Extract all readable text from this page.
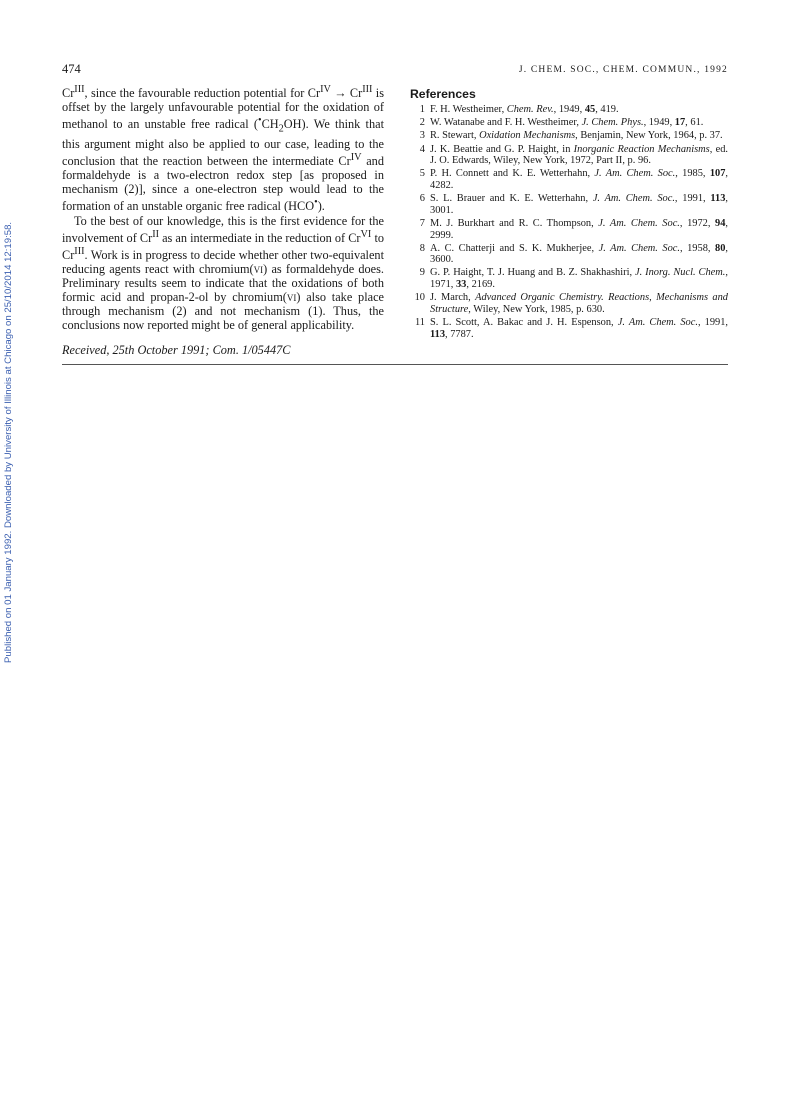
474	J. CHEM. SOC., CHEM. COMMUN., 1992
Published on 01 January 1992. Downloaded by University of Illinois at Chicago on 25/10/2014 12:19:58.

$Cr^{III}$, since the favourable reduction potential for $Cr^{IV} \to Cr^{III}$ is offset by the largely unfavourable potential for the oxidation of methanol to an unstable free radical $(^•CH_2OH)$. We think that this argument might also be applied to our case, leading to the conclusion that the reaction between the intermediate $Cr^{IV}$ and formaldehyde is a two-electron redox step [as proposed in mechanism (2)], since a one-electron step would lead to the formation of an unstable organic free radical (HCO•).

To the best of our knowledge, this is the first evidence for the involvement of $Cr^{II}$ as an intermediate in the reduction of $Cr^{VI}$ to $Cr^{III}$. Work is in progress to decide whether other two-equivalent reducing agents react with chromium(vi) as formaldehyde does. Preliminary results seem to indicate that the oxidations of both formic acid and propan-2-ol by chromium(vi) also take place through mechanism (2) and not mechanism (1). Thus, the conclusions now reported might be of general applicability.

Received, 25th October 1991; Com. 1/05447C

References
1 F. H. Westheimer, Chem. Rev., 1949, 45, 419.
2 W. Watanabe and F. H. Westheimer, J. Chem. Phys., 1949, 17, 61.
3 R. Stewart, Oxidation Mechanisms, Benjamin, New York, 1964, p. 37.
4 J. K. Beattie and G. P. Haight, in Inorganic Reaction Mechanisms, ed. J. O. Edwards, Wiley, New York, 1972, Part II, p. 96.
5 P. H. Connett and K. E. Wetterhahn, J. Am. Chem. Soc., 1985, 107, 4282.
6 S. L. Brauer and K. E. Wetterhahn, J. Am. Chem. Soc., 1991, 113, 3001.
7 M. J. Burkhart and R. C. Thompson, J. Am. Chem. Soc., 1972, 94, 2999.
8 A. C. Chatterji and S. K. Mukherjee, J. Am. Chem. Soc., 1958, 80, 3600.
9 G. P. Haight, T. J. Huang and B. Z. Shakhashiri, J. Inorg. Nucl. Chem., 1971, 33, 2169.
10 J. March, Advanced Organic Chemistry. Reactions, Mechanisms and Structure, Wiley, New York, 1985, p. 630.
11 S. L. Scott, A. Bakac and J. H. Espenson, J. Am. Chem. Soc., 1991, 113, 7787.
